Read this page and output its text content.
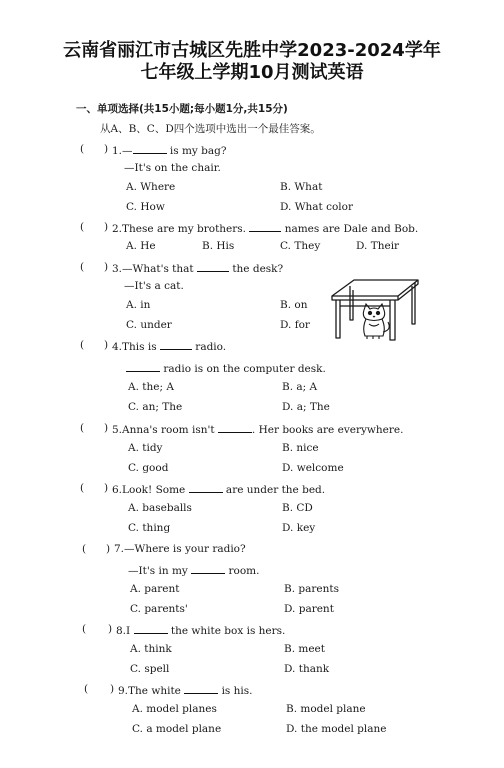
云南省丽江市古城区先胜中学2023-2024学年
七年级上学期10月测试英语
一、单项选择(共15小题;每小题1分,共15分)
从A、B、C、D四个选项中选出一个最佳答案。
( ) 1.—	is my bag?
—It's on the chair.
A. Where	B. What
C. How	D. What color
( ) 2.These are my brothers.	names are Dale and Bob.
A. He	B. His	C. They	D. Their
( ) 3.—What's that	the desk?
—It's a cat.
A. in	B. on
C. under	D. for
( ) 4.This is	radio.
radio is on the computer desk.
A. the; A	B. a; A
C. an; The	D. a; The
( ) 5.Anna's room isn't	. Her books are everywhere.
A. tidy	B. nice
C. good	D. welcome
( ) 6.Look! Some	are under the bed.
A. baseballs	B. CD
C. thing	D. key
( ) 7.—Where is your radio?
—It's in my	room.
A. parent	B. parents
C. parents'	D. parent
( ) 8.I	the white box is hers.
A. think	B. meet
C. spell	D. thank
( ) 9.The white	is his.
A. model planes	B. model plane
C. a model plane	D. the model plane
